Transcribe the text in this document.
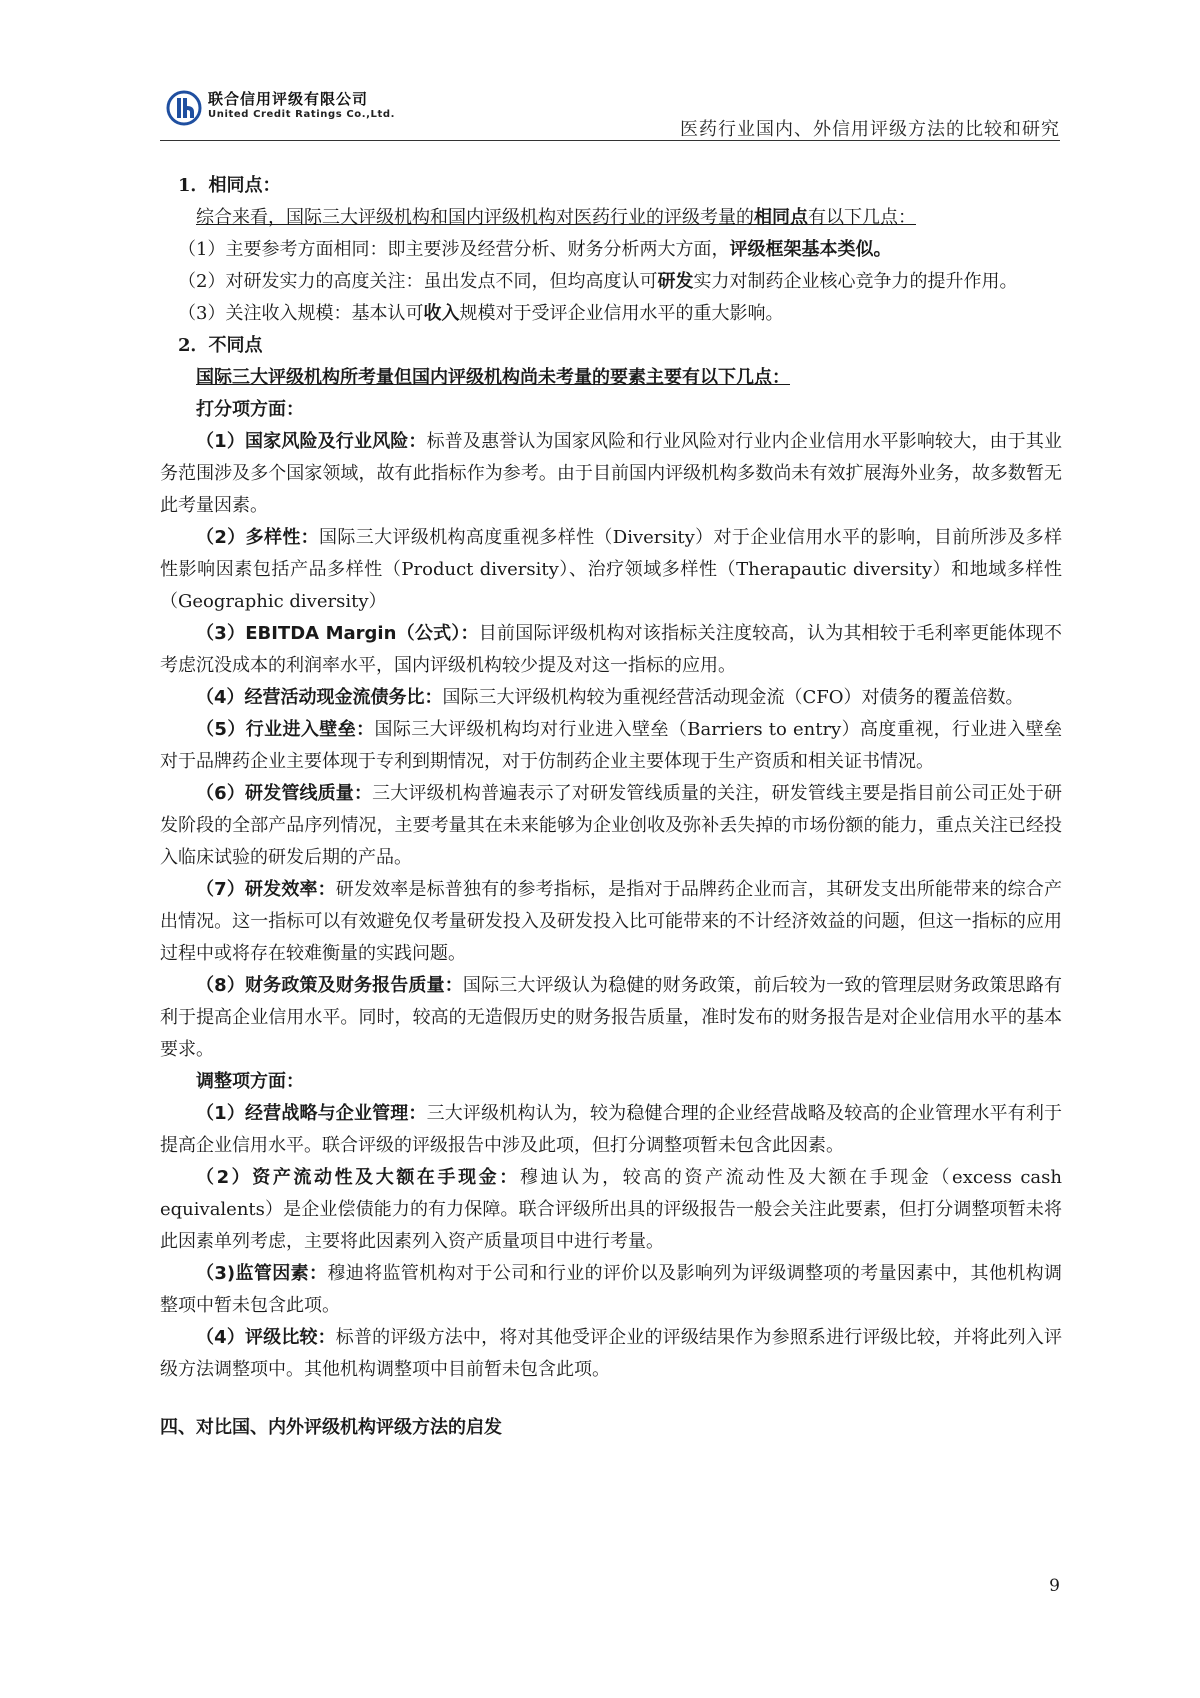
联合信用评级有限公司
United Credit Ratings Co.,Ltd.
医药行业国内、外信用评级方法的比较和研究

1．相同点：

综合来看，国际三大评级机构和国内评级机构对医药行业的评级考量的相同点有以下几点：

（1）主要参考方面相同：即主要涉及经营分析、财务分析两大方面，评级框架基本类似。

（2）对研发实力的高度关注：虽出发点不同，但均高度认可研发实力对制药企业核心竞争力的提升作用。

（3）关注收入规模：基本认可收入规模对于受评企业信用水平的重大影响。

2．不同点

国际三大评级机构所考量但国内评级机构尚未考量的要素主要有以下几点：

打分项方面：

（1）国家风险及行业风险：标普及惠誉认为国家风险和行业风险对行业内企业信用水平影响较大，由于其业务范围涉及多个国家领域，故有此指标作为参考。由于目前国内评级机构多数尚未有效扩展海外业务，故多数暂无此考量因素。

（2）多样性：国际三大评级机构高度重视多样性（Diversity）对于企业信用水平的影响，目前所涉及多样性影响因素包括产品多样性（Product diversity）、治疗领域多样性（Therapautic diversity）和地域多样性（Geographic diversity）

（3）EBITDA Margin（公式）：目前国际评级机构对该指标关注度较高，认为其相较于毛利率更能体现不考虑沉没成本的利润率水平，国内评级机构较少提及对这一指标的应用。

（4）经营活动现金流债务比：国际三大评级机构较为重视经营活动现金流（CFO）对债务的覆盖倍数。

（5）行业进入壁垒：国际三大评级机构均对行业进入壁垒（Barriers to entry）高度重视，行业进入壁垒对于品牌药企业主要体现于专利到期情况，对于仿制药企业主要体现于生产资质和相关证书情况。

（6）研发管线质量：三大评级机构普遍表示了对研发管线质量的关注，研发管线主要是指目前公司正处于研发阶段的全部产品序列情况，主要考量其在未来能够为企业创收及弥补丢失掉的市场份额的能力，重点关注已经投入临床试验的研发后期的产品。

（7）研发效率：研发效率是标普独有的参考指标，是指对于品牌药企业而言，其研发支出所能带来的综合产出情况。这一指标可以有效避免仅考量研发投入及研发投入比可能带来的不计经济效益的问题，但这一指标的应用过程中或将存在较难衡量的实践问题。

（8）财务政策及财务报告质量：国际三大评级认为稳健的财务政策，前后较为一致的管理层财务政策思路有利于提高企业信用水平。同时，较高的无造假历史的财务报告质量，准时发布的财务报告是对企业信用水平的基本要求。

调整项方面：

（1）经营战略与企业管理：三大评级机构认为，较为稳健合理的企业经营战略及较高的企业管理水平有利于提高企业信用水平。联合评级的评级报告中涉及此项，但打分调整项暂未包含此因素。

（2）资产流动性及大额在手现金：穆迪认为，较高的资产流动性及大额在手现金（excess cash equivalents）是企业偿债能力的有力保障。联合评级所出具的评级报告一般会关注此要素，但打分调整项暂未将此因素单列考虑，主要将此因素列入资产质量项目中进行考量。

（3)监管因素：穆迪将监管机构对于公司和行业的评价以及影响列为评级调整项的考量因素中，其他机构调整项中暂未包含此项。

（4）评级比较：标普的评级方法中，将对其他受评企业的评级结果作为参照系进行评级比较，并将此列入评级方法调整项中。其他机构调整项中目前暂未包含此项。

四、对比国、内外评级机构评级方法的启发

9
